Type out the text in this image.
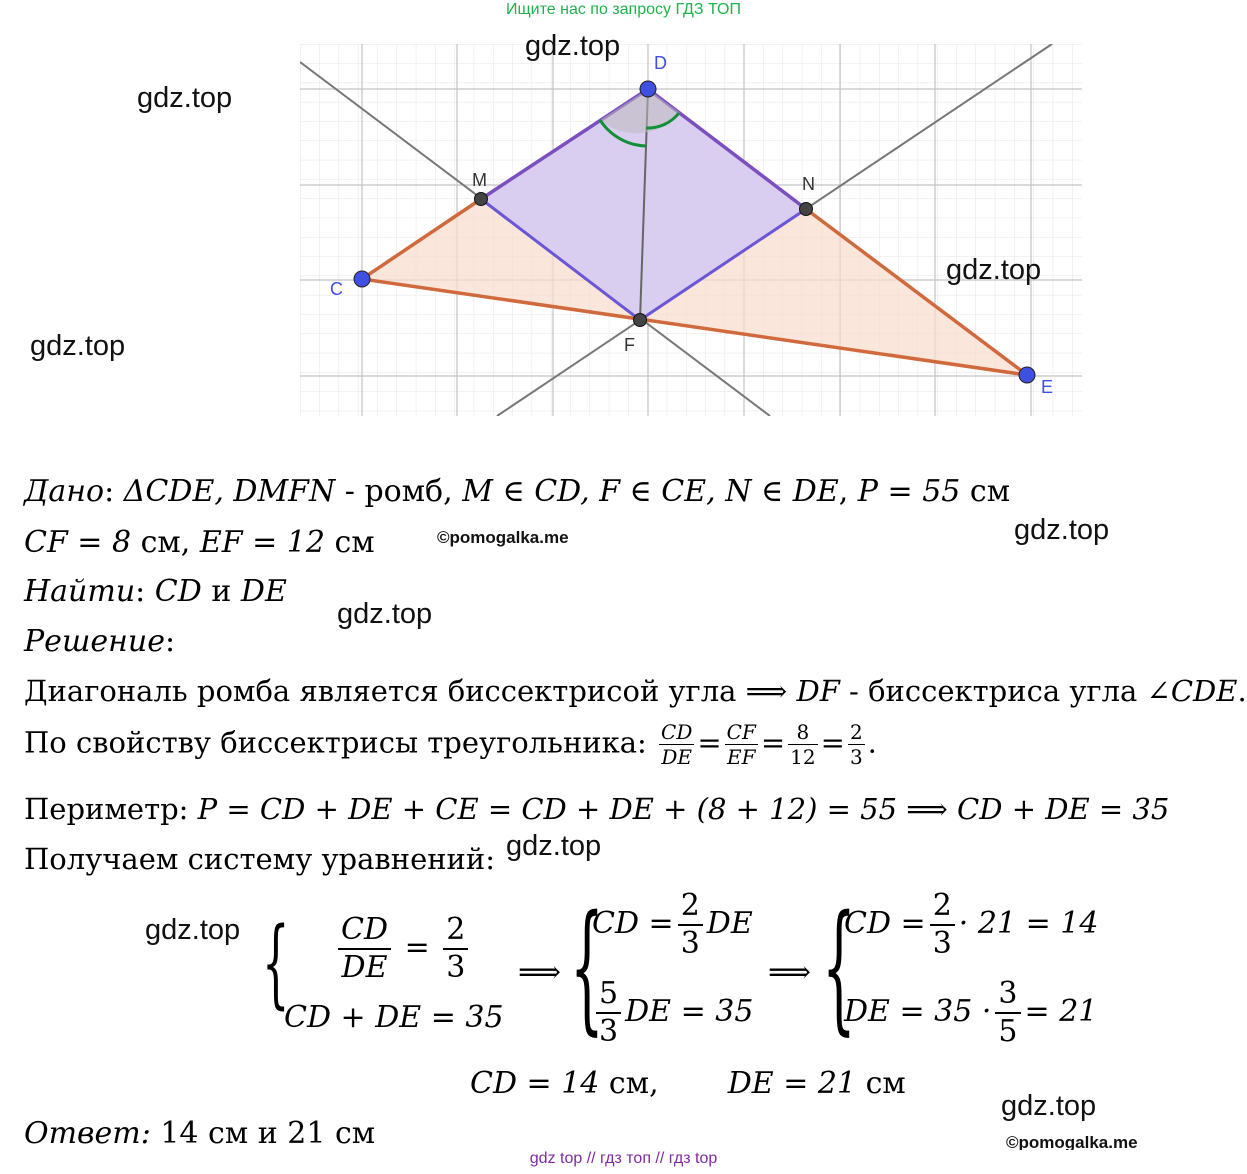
Ищите нас по запросу ГДЗ ТОП
D
C
E
M	N
F
gdz.top
gdz.top
gdz.top
gdz.top
gdz.top
gdz.top
gdz.top
gdz.top
gdz.top
©pomogalka.me
©pomogalka.me
Дано: ΔCDE, DMFN - ромб, M ∈ CD, F ∈ CE, N ∈ DE, P = 55 см
CF = 8 см, EF = 12 см
Найти: CD и DE
Решение:
Диагональ ромба является биссектрисой угла ⟹ DF - биссектриса угла ∠CDE.
По свойству биссектрисы треугольника: $\frac{CD}{DE} = \frac{CF}{EF} = \frac{8}{12} = \frac{2}{3}$ .
Периметр: P = CD + DE + CE = CD + DE + (8 + 12) = 55 ⟹ CD + DE = 35
Получаем систему уравнений:
{ $\frac{CD}{DE} = \frac{2}{3}$
CD + DE = 35
⟹ {
CD = $\frac{2}{3}$ DE
$\frac{5}{3}$ DE = 35
⟹ {
CD = $\frac{2}{3} \cdot 21 = 14$
DE = $35 \cdot \frac{3}{5} = 21$
CD = 14 см, DE = 21 см
Ответ: 14 см и 21 см
gdz top // гдз топ // гдз top
